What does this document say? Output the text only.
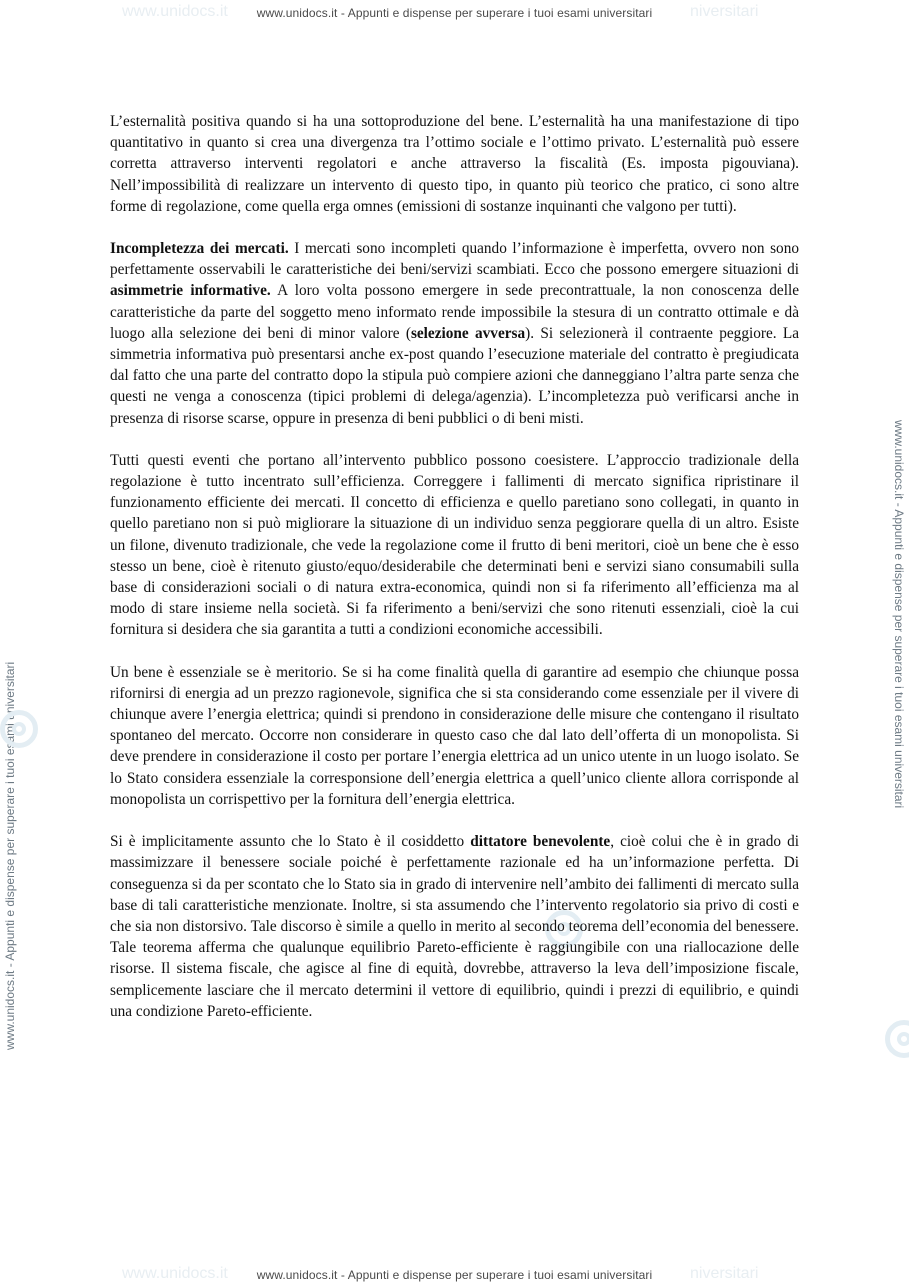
www.unidocs.it	niversitari
www.unidocs.it - Appunti e dispense per superare i tuoi esami universitari
www.unidocs.it	niversitari
www.unidocs.it - Appunti e dispense per superare i tuoi esami universitari
www.unidocs.it - Appunti e dispense per superare i tuoi esami universitari
www.unidocs.it - Appunti e dispense per superare i tuoi esami universitari

L’esternalità positiva quando si ha una sottoproduzione del bene. L’esternalità ha una manifestazione di tipo quantitativo in quanto si crea una divergenza tra l’ottimo sociale e l’ottimo privato. L’esternalità può essere corretta attraverso interventi regolatori e anche attraverso la fiscalità (Es. imposta pigouviana). Nell’impossibilità di realizzare un intervento di questo tipo, in quanto più teorico che pratico, ci sono altre forme di regolazione, come quella erga omnes (emissioni di sostanze inquinanti che valgono per tutti).

Incompletezza dei mercati. I mercati sono incompleti quando l’informazione è imperfetta, ovvero non sono perfettamente osservabili le caratteristiche dei beni/servizi scambiati. Ecco che possono emergere situazioni di asimmetrie informative. A loro volta possono emergere in sede precontrattuale, la non conoscenza delle caratteristiche da parte del soggetto meno informato rende impossibile la stesura di un contratto ottimale e dà luogo alla selezione dei beni di minor valore (selezione avversa). Si selezionerà il contraente peggiore. La simmetria informativa può presentarsi anche ex-post quando l’esecuzione materiale del contratto è pregiudicata dal fatto che una parte del contratto dopo la stipula può compiere azioni che danneggiano l’altra parte senza che questi ne venga a conoscenza (tipici problemi di delega/agenzia). L’incompletezza può verificarsi anche in presenza di risorse scarse, oppure in presenza di beni pubblici o di beni misti.

Tutti questi eventi che portano all’intervento pubblico possono coesistere. L’approccio tradizionale della regolazione è tutto incentrato sull’efficienza. Correggere i fallimenti di mercato significa ripristinare il funzionamento efficiente dei mercati. Il concetto di efficienza e quello paretiano sono collegati, in quanto in quello paretiano non si può migliorare la situazione di un individuo senza peggiorare quella di un altro. Esiste un filone, divenuto tradizionale, che vede la regolazione come il frutto di beni meritori, cioè un bene che è esso stesso un bene, cioè è ritenuto giusto/equo/desiderabile che determinati beni e servizi siano consumabili sulla base di considerazioni sociali o di natura extra-economica, quindi non si fa riferimento all’efficienza ma al modo di stare insieme nella società. Si fa riferimento a beni/servizi che sono ritenuti essenziali, cioè la cui fornitura si desidera che sia garantita a tutti a condizioni economiche accessibili.

Un bene è essenziale se è meritorio. Se si ha come finalità quella di garantire ad esempio che chiunque possa rifornirsi di energia ad un prezzo ragionevole, significa che si sta considerando come essenziale per il vivere di chiunque avere l’energia elettrica; quindi si prendono in considerazione delle misure che contengano il risultato spontaneo del mercato. Occorre non considerare in questo caso che dal lato dell’offerta di un monopolista. Si deve prendere in considerazione il costo per portare l’energia elettrica ad un unico utente in un luogo isolato. Se lo Stato considera essenziale la corresponsione dell’energia elettrica a quell’unico cliente allora corrisponde al monopolista un corrispettivo per la fornitura dell’energia elettrica.

Si è implicitamente assunto che lo Stato è il cosiddetto dittatore benevolente, cioè colui che è in grado di massimizzare il benessere sociale poiché è perfettamente razionale ed ha un’informazione perfetta. Di conseguenza si da per scontato che lo Stato sia in grado di intervenire nell’ambito dei fallimenti di mercato sulla base di tali caratteristiche menzionate. Inoltre, si sta assumendo che l’intervento regolatorio sia privo di costi e che sia non distorsivo. Tale discorso è simile a quello in merito al secondo teorema dell’economia del benessere. Tale teorema afferma che qualunque equilibrio Pareto-efficiente è raggiungibile con una riallocazione delle risorse. Il sistema fiscale, che agisce al fine di equità, dovrebbe, attraverso la leva dell’imposizione fiscale, semplicemente lasciare che il mercato determini il vettore di equilibrio, quindi i prezzi di equilibrio, e quindi una condizione Pareto-efficiente.
